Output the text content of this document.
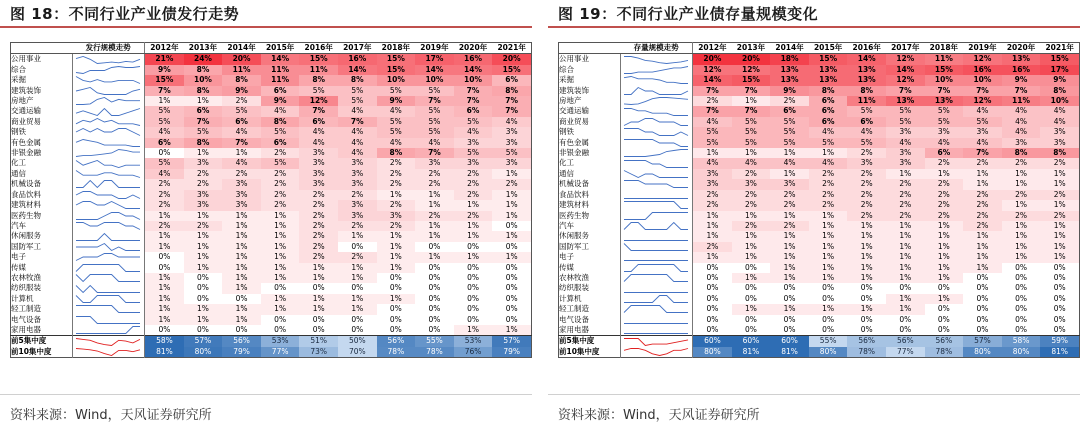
图 18：不同行业产业债发行走势
	发行规模走势	2012年	2013年	2014年	2015年	2016年	2017年	2018年	2019年	2020年	2021年
公用事业		21%	24%	20%	14%	15%	16%	15%	17%	16%	20%
综合		9%	8%	11%	11%	11%	14%	15%	14%	14%	15%
采掘		15%	10%	8%	11%	8%	8%	10%	10%	10%	6%
建筑装饰		7%	8%	9%	6%	5%	5%	5%	5%	7%	8%
房地产		1%	1%	2%	9%	12%	5%	9%	7%	7%	7%
交通运输		5%	6%	5%	4%	7%	4%	4%	5%	6%	7%
商业贸易		5%	7%	6%	8%	6%	7%	5%	5%	5%	4%
钢铁		4%	5%	4%	5%	4%	4%	5%	5%	4%	3%
有色金属		6%	8%	7%	6%	4%	4%	4%	4%	3%	3%
非银金融		0%	1%	1%	2%	3%	4%	8%	7%	5%	5%
化工		5%	3%	4%	5%	3%	3%	2%	3%	3%	3%
通信		4%	2%	2%	2%	3%	3%	2%	2%	2%	1%
机械设备		2%	2%	3%	2%	3%	3%	2%	2%	2%	2%
食品饮料		2%	3%	3%	2%	2%	2%	1%	1%	2%	1%
建筑材料		2%	3%	3%	2%	2%	3%	2%	1%	1%	1%
医药生物		1%	1%	1%	1%	2%	3%	3%	2%	2%	1%
汽车		2%	2%	1%	1%	2%	2%	2%	1%	1%	0%
休闲服务		1%	1%	1%	1%	2%	1%	1%	1%	1%	1%
国防军工		1%	1%	1%	1%	2%	0%	1%	0%	0%	0%
电子		0%	1%	1%	1%	2%	2%	1%	1%	1%	1%
传媒		0%	1%	1%	1%	1%	1%	1%	0%	0%	0%
农林牧渔		1%	0%	1%	1%	1%	1%	0%	0%	0%	0%
纺织服装		1%	0%	1%	0%	0%	0%	0%	0%	0%	0%
计算机		1%	0%	0%	1%	1%	1%	1%	0%	0%	0%
轻工制造		1%	1%	1%	1%	1%	1%	0%	0%	0%	0%
电气设备		1%	1%	1%	0%	0%	0%	0%	0%	0%	0%
家用电器		0%	0%	0%	0%	0%	0%	0%	0%	1%	1%
前5集中度		58%	57%	56%	53%	51%	50%	56%	55%	53%	57%
前10集中度		81%	80%	79%	77%	73%	70%	78%	78%	76%	79%
资料来源：Wind，天风证券研究所
图 19：不同行业产业债存量规模变化
	存量规模走势	2012年	2013年	2014年	2015年	2016年	2017年	2018年	2019年	2020年	2021年
公用事业		20%	20%	18%	15%	14%	12%	11%	12%	13%	15%
综合		12%	12%	13%	13%	13%	14%	15%	16%	16%	17%
采掘		14%	15%	13%	13%	13%	12%	10%	10%	9%	9%
建筑装饰		7%	7%	9%	8%	8%	7%	7%	7%	7%	8%
房地产		2%	1%	2%	6%	11%	13%	13%	12%	11%	10%
交通运输		7%	7%	6%	6%	5%	5%	5%	4%	4%	4%
商业贸易		4%	5%	5%	6%	6%	5%	5%	5%	4%	4%
钢铁		5%	5%	5%	4%	4%	3%	3%	3%	4%	3%
有色金属		5%	5%	5%	5%	5%	4%	4%	4%	3%	3%
非银金融		1%	1%	1%	1%	2%	3%	6%	7%	8%	8%
化工		4%	4%	4%	4%	3%	3%	2%	2%	2%	2%
通信		3%	2%	1%	2%	2%	1%	1%	1%	1%	1%
机械设备		3%	3%	3%	2%	2%	2%	2%	1%	1%	1%
食品饮料		2%	2%	2%	2%	2%	2%	2%	2%	2%	2%
建筑材料		2%	2%	2%	2%	2%	2%	2%	2%	1%	1%
医药生物		1%	1%	1%	1%	2%	2%	2%	2%	2%	2%
汽车		1%	2%	2%	1%	1%	1%	1%	2%	1%	1%
休闲服务		1%	1%	1%	1%	1%	1%	1%	1%	1%	1%
国防军工		2%	1%	1%	1%	1%	1%	1%	1%	1%	1%
电子		1%	1%	1%	1%	1%	1%	1%	1%	1%	1%
传媒		0%	0%	1%	1%	1%	1%	1%	1%	0%	0%
农林牧渔		0%	1%	1%	1%	1%	1%	1%	0%	0%	0%
纺织服装		0%	0%	0%	0%	0%	0%	0%	0%	0%	0%
计算机		0%	0%	0%	0%	0%	1%	1%	0%	0%	0%
轻工制造		0%	1%	1%	1%	1%	1%	0%	0%	0%	0%
电气设备		0%	0%	0%	0%	0%	0%	0%	0%	0%	0%
家用电器		0%	0%	0%	0%	0%	0%	0%	0%	0%	0%
前5集中度		60%	60%	60%	55%	56%	56%	56%	57%	58%	59%
前10集中度		80%	81%	81%	80%	78%	77%	78%	80%	80%	81%
资料来源：Wind，天风证券研究所
